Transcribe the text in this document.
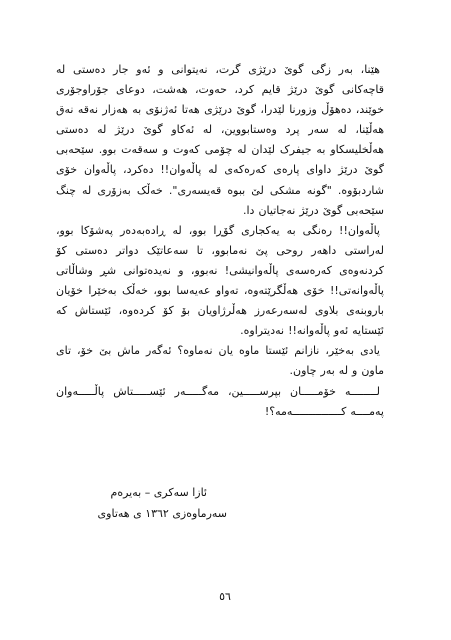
هێنا، بەر زگی گوێ درێژی گرت، نەیتوانی و ئەو جار دەستی لە قاچەکانی گوێ درێژ قایم کرد، حەوت، هەشت، دوعای جۆراوجۆری خوێند، دەهۆڵ وزورنا لێدرا، گوێ درێژی هەتا ئەژنۆی بە هەزار نەقە نەق هەڵێنا، لە سەر پرد وەستابووین، لە ئەکاو گوێ درێژ لە دەستی هەڵخلیسکاو بە جیفرک لێدان لە چۆمی کەوت و سەقەت بوو. سێحەبی گوێ درێژ داوای پارەی کەرەکەی لە پاڵەوان!! دەکرد، پاڵەوان خۆی شاردبۆوە. "گونە مشکی لێ ببوە قەیسەری". خەڵک بەزۆری لە چنگ سێحەبی گوێ درێژ نەجاتیان دا.

پاڵەوان!! رەنگی بە یەکجاری گۆڕا بوو، لە ڕادەبەدەر پەشۆکا بوو، لەراستی داهەر روحی پێ نەمابوو، تا سەعاتێک دواتر دەستی کۆ کردنەوەی کەرەسەی پاڵەوانیشی! نەبوو، و نەیدەتوانی شڕ وشاڵاتی پاڵەوانەتی!! خۆی هەڵگرێتەوە، تەواو عەیەسا بوو، خەڵک بەخێرا خۆیان باروبنەی بلاوی لەسەرعەرز هەڵرژاویان بۆ کۆ کردەوە، ئێستاش کە ئێستایە ئەو پاڵەوانە!! نەدیتراوە.

یادی بەخێر، نازانم ئێستا ماوە یان نەماوە؟ ئەگەر ماش بێ خۆ، تای ماون و لە بەر چاون.

لــــــــە خۆمـــــان بپرســـــین، مەگـــــەر ئێســـــتاش پاڵـــــەوان پەمــــە کـــــــــــــــەمە؟!

ئازا سەکری – بەیرەم
سەرماوەزی ١٣٦٢ ی هەتاوی
٥٦
